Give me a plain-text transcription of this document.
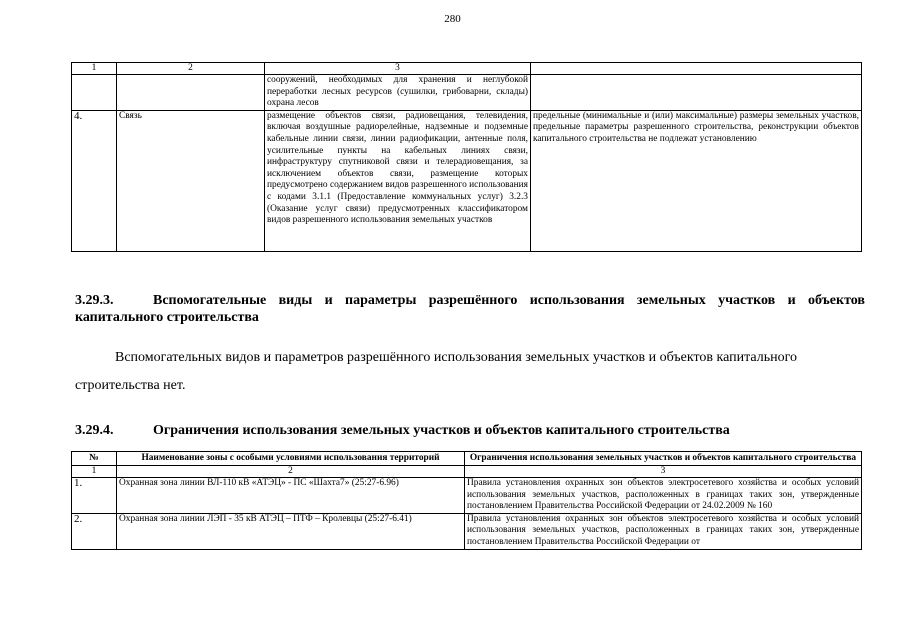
280
1	2	3	
		сооружений, необходимых для хранения и неглубокой переработки лесных ресурсов (сушилки, грибоварни, склады) охрана лесов	
4.	Связь	размещение объектов связи, радиовещания, телевидения, включая воздушные радиорелейные, надземные и подземные кабельные линии связи, линии радиофикации, антенные поля, усилительные пункты на кабельных линиях связи, инфраструктуру спутниковой связи и телерадиовещания, за исключением объектов связи, размещение которых предусмотрено содержанием видов разрешенного использования с кодами 3.1.1 (Предоставление коммунальных услуг) 3.2.3 (Оказание услуг связи) предусмотренных классификатором видов разрешенного использования земельных участков	предельные (минимальные и (или) максимальные) размеры земельных участков, предельные параметры разрешенного строительства, реконструкции объектов капитального строительства не подлежат установлению
3.29.3.	Вспомогательные виды и параметры разрешённого использования земельных участков и объектов
капитального строительства
Вспомогательных видов и параметров разрешённого использования земельных участков и объектов капитального
строительства нет.
3.29.4.	Ограничения использования земельных участков и объектов капитального строительства
№	Наименование зоны с особыми условиями использования территорий	Ограничения использования земельных участков и объектов капитального строительства
1	2	3
1.	Охранная зона линии ВЛ-110 кВ «АТЭЦ» - ПС «Шахта7» (25:27-6.96)	Правила установления охранных зон объектов электросетевого хозяйства и особых условий использования земельных участков, расположенных в границах таких зон, утвержденные постановлением Правительства Российской Федерации от 24.02.2009 № 160
2.	Охранная зона линии ЛЭП - 35 кВ АТЭЦ – ПТФ – Кролевцы (25:27-6.41)	Правила установления охранных зон объектов электросетевого хозяйства и особых условий использования земельных участков, расположенных в границах таких зон, утвержденные постановлением Правительства Российской Федерации от
